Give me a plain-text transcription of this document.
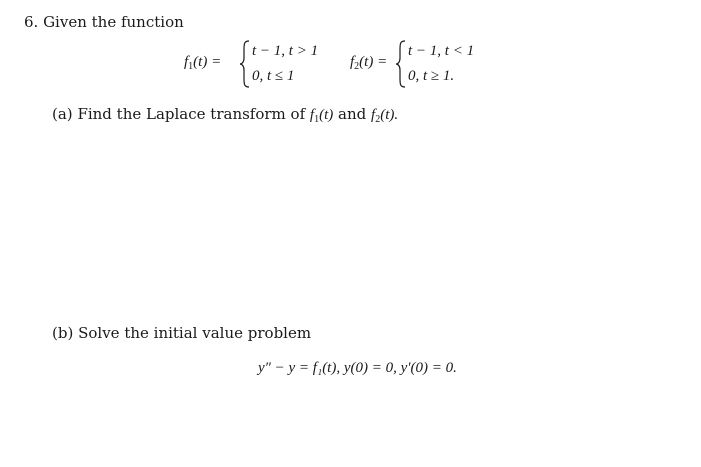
6. Given the function
$f_1(t)$ =
t − 1, t > 1
0, t ≤ 1
$f_2(t)$ =
t − 1, t < 1
0, t ≥ 1.
(a) Find the Laplace transform of $f_1(t)$ and $f_2(t)$.
(b) Solve the initial value problem
y″ − y = f₁(t), y(0) = 0, y′(0) = 0.
